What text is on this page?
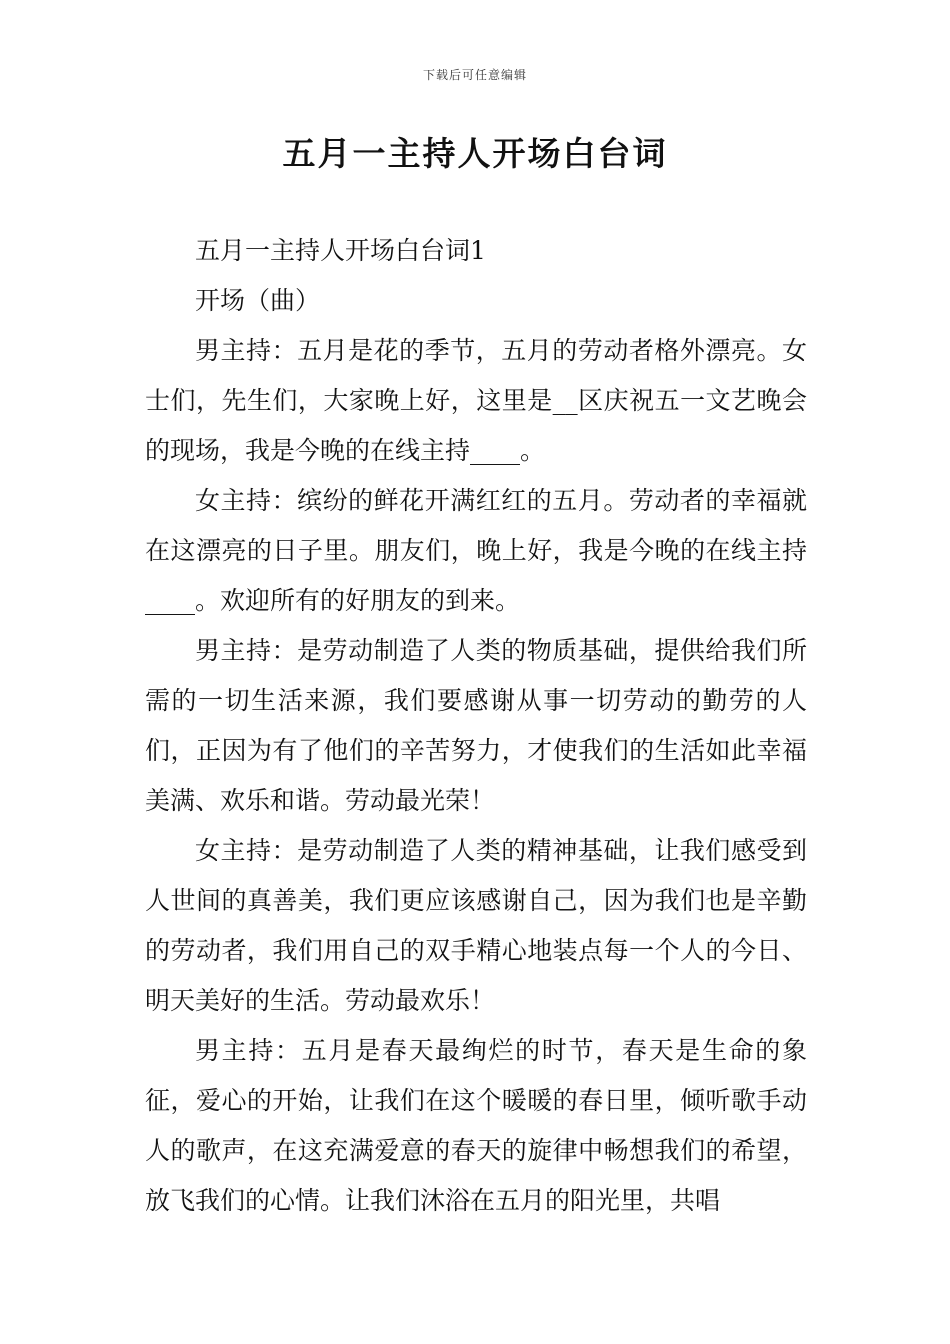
下载后可任意编辑
五月一主持人开场白台词

五月一主持人开场白台词1

开场（曲）

男主持：五月是花的季节，五月的劳动者格外漂亮。女士们，先生们，大家晚上好，这里是__区庆祝五一文艺晚会的现场，我是今晚的在线主持____。

女主持：缤纷的鲜花开满红红的五月。劳动者的幸福就在这漂亮的日子里。朋友们，晚上好，我是今晚的在线主持____。欢迎所有的好朋友的到来。

男主持：是劳动制造了人类的物质基础，提供给我们所需的一切生活来源，我们要感谢从事一切劳动的勤劳的人们，正因为有了他们的辛苦努力，才使我们的生活如此幸福美满、欢乐和谐。劳动最光荣！

女主持：是劳动制造了人类的精神基础，让我们感受到人世间的真善美，我们更应该感谢自己，因为我们也是辛勤的劳动者，我们用自己的双手精心地装点每一个人的今日、明天美好的生活。劳动最欢乐！

男主持：五月是春天最绚烂的时节，春天是生命的象征，爱心的开始，让我们在这个暖暖的春日里，倾听歌手动人的歌声，在这充满爱意的春天的旋律中畅想我们的希望，放飞我们的心情。让我们沐浴在五月的阳光里，共唱
